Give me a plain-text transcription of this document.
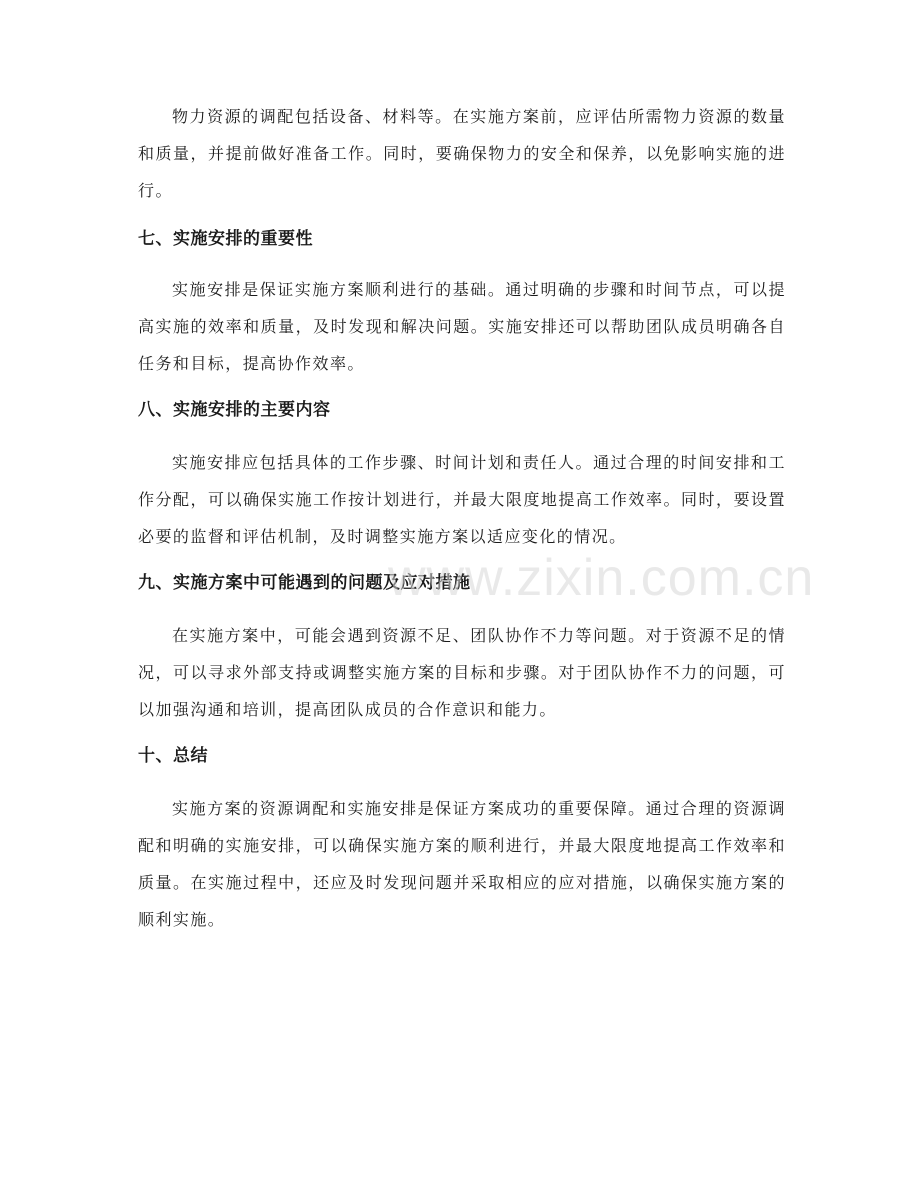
物力资源的调配包括设备、材料等。在实施方案前，应评估所需物力资源的数量和质量，并提前做好准备工作。同时，要确保物力的安全和保养，以免影响实施的进行。

七、实施安排的重要性

实施安排是保证实施方案顺利进行的基础。通过明确的步骤和时间节点，可以提高实施的效率和质量，及时发现和解决问题。实施安排还可以帮助团队成员明确各自任务和目标，提高协作效率。

八、实施安排的主要内容

实施安排应包括具体的工作步骤、时间计划和责任人。通过合理的时间安排和工作分配，可以确保实施工作按计划进行，并最大限度地提高工作效率。同时，要设置必要的监督和评估机制，及时调整实施方案以适应变化的情况。

九、实施方案中可能遇到的问题及应对措施

在实施方案中，可能会遇到资源不足、团队协作不力等问题。对于资源不足的情况，可以寻求外部支持或调整实施方案的目标和步骤。对于团队协作不力的问题，可以加强沟通和培训，提高团队成员的合作意识和能力。

十、总结

实施方案的资源调配和实施安排是保证方案成功的重要保障。通过合理的资源调配和明确的实施安排，可以确保实施方案的顺利进行，并最大限度地提高工作效率和质量。在实施过程中，还应及时发现问题并采取相应的应对措施，以确保实施方案的顺利实施。

www.zixin.com.cn
